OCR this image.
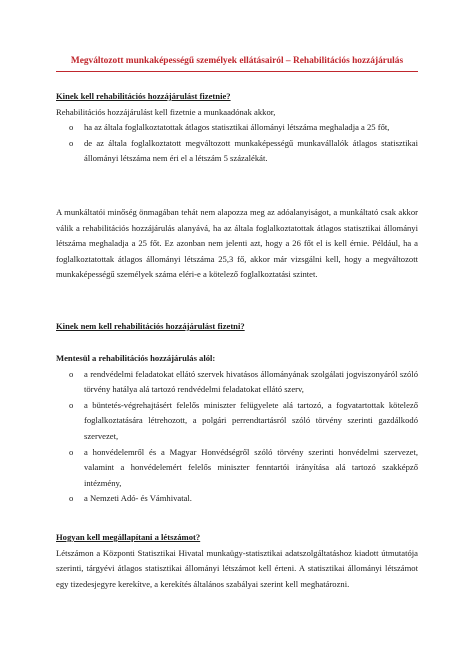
Megváltozott munkaképességű személyek ellátásairól – Rehabilitációs hozzájárulás
Kinek kell rehabilitációs hozzájárulást fizetnie?

Rehabilitációs hozzájárulást kell fizetnie a munkaadónak akkor,

o ha az általa foglalkoztatottak átlagos statisztikai állományi létszáma meghaladja a 25 főt,
o de az általa foglalkoztatott megváltozott munkaképességű munkavállalók átlagos statisztikai állományi létszáma nem éri el a létszám 5 százalékát.

A munkáltatói minőség önmagában tehát nem alapozza meg az adóalanyiságot, a munkáltató csak akkor válik a rehabilitációs hozzájárulás alanyává, ha az általa foglalkoztatottak átlagos statisztikai állományi létszáma meghaladja a 25 főt. Ez azonban nem jelenti azt, hogy a 26 főt el is kell érnie. Például, ha a foglalkoztatottak átlagos állományi létszáma 25,3 fő, akkor már vizsgálni kell, hogy a megváltozott munkaképességű személyek száma eléri-e a kötelező foglalkoztatási szintet.

Kinek nem kell rehabilitációs hozzájárulást fizetni?
Mentesül a rehabilitációs hozzájárulás alól:
o a rendvédelmi feladatokat ellátó szervek hivatásos állományának szolgálati jogviszonyáról szóló törvény hatálya alá tartozó rendvédelmi feladatokat ellátó szerv,
o a büntetés-végrehajtásért felelős miniszter felügyelete alá tartozó, a fogvatartottak kötelező foglalkoztatására létrehozott, a polgári perrendtartásról szóló törvény szerinti gazdálkodó szervezet,
o a honvédelemről és a Magyar Honvédségről szóló törvény szerinti honvédelmi szervezet, valamint a honvédelemért felelős miniszter fenntartói irányítása alá tartozó szakképző intézmény,
o a Nemzeti Adó- és Vámhivatal.
Hogyan kell megállapítani a létszámot?

Létszámon a Központi Statisztikai Hivatal munkaügy-statisztikai adatszolgáltatáshoz kiadott útmutatója szerinti, tárgyévi átlagos statisztikai állományi létszámot kell érteni. A statisztikai állományi létszámot egy tizedesjegyre kerekítve, a kerekítés általános szabályai szerint kell meghatározni.
